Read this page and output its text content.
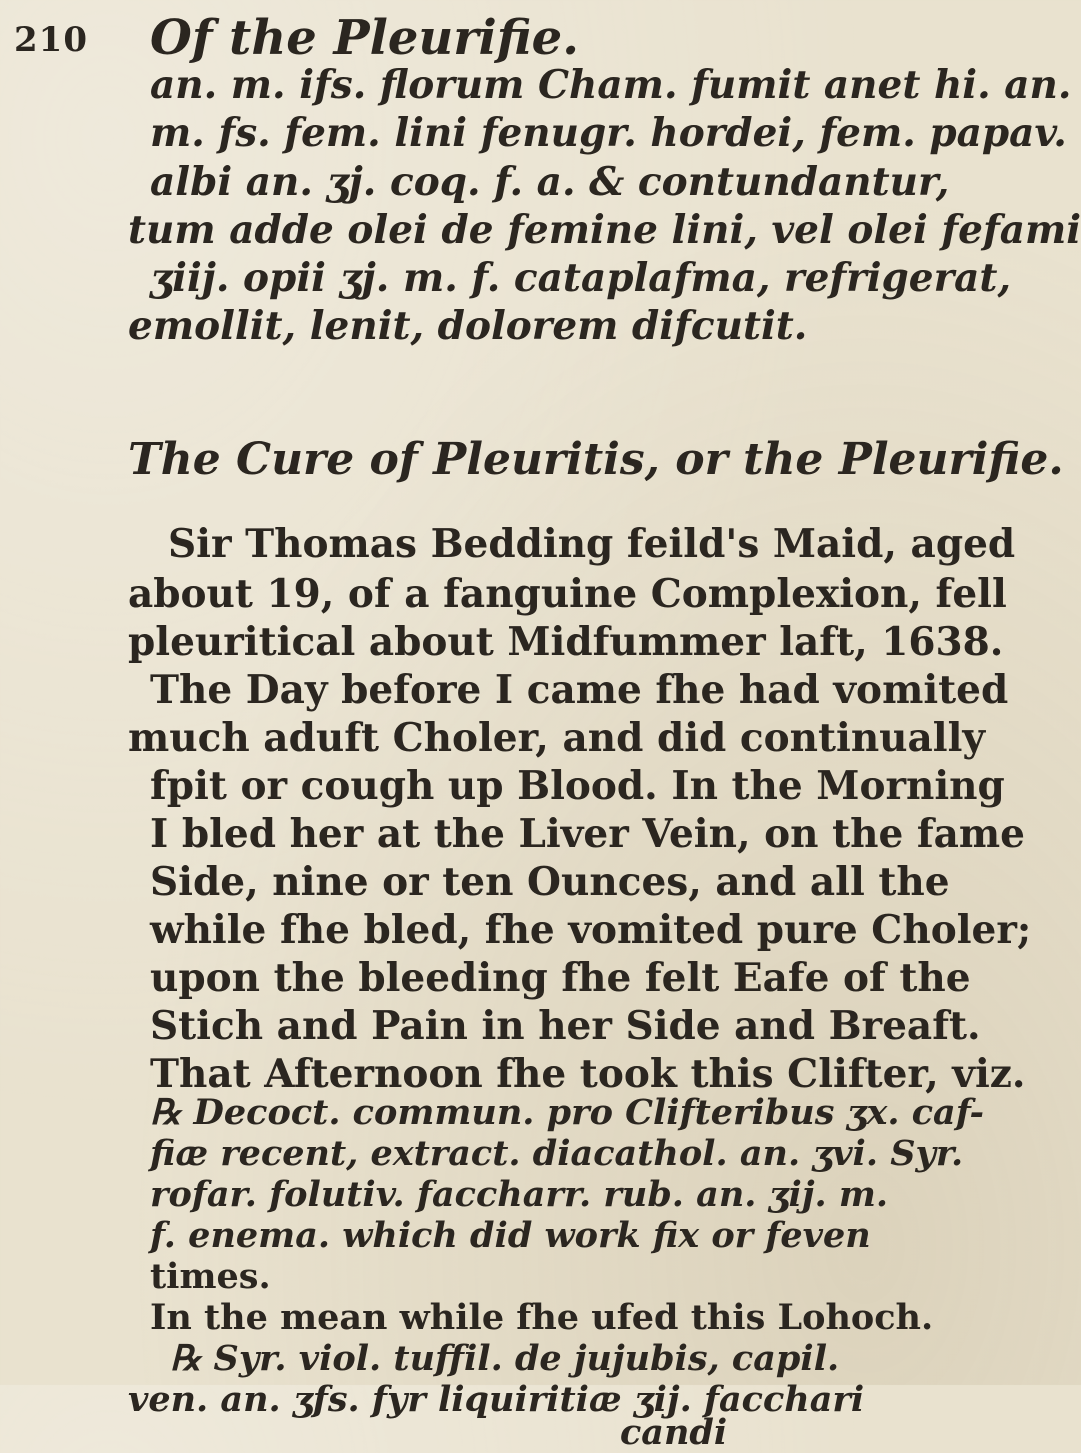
210 Of the Pleurifie.
an. m. ifs. florum Cham. fumit anet hi. an.
m. fs. fem. lini fenugr. hordei, fem. papav.
albi an. ʒj. coq. f. a. & contundantur,
tum adde olei de femine lini, vel olei fefami
ʒiij. opii ʒj. m. f. cataplafma, refrigerat,
emollit, lenit, dolorem difcutit.
The Cure of Pleuritis, or the Pleurifie.
Sir Thomas Bedding feild's Maid, aged
about 19, of a fanguine Complexion, fell
pleuritical about Midfummer laft, 1638.
The Day before I came fhe had vomited
much aduft Choler, and did continually
fpit or cough up Blood. In the Morning
I bled her at the Liver Vein, on the fame
Side, nine or ten Ounces, and all the
while fhe bled, fhe vomited pure Choler;
upon the bleeding fhe felt Eafe of the
Stich and Pain in her Side and Breaft.
That Afternoon fhe took this Clifter, viz.
℞ Decoct. commun. pro Clifteribus ʒx. caf-
fiæ recent, extract. diacathol. an. ʒvi. Syr.
rofar. folutiv. faccharr. rub. an. ʒij. m.
f. enema. which did work fix or feven
times.
In the mean while fhe ufed this Lohoch.
℞ Syr. viol. tuffil. de jujubis, capil.
ven. an. ʒfs. fyr liquiritiæ ʒij. facchari
candi
